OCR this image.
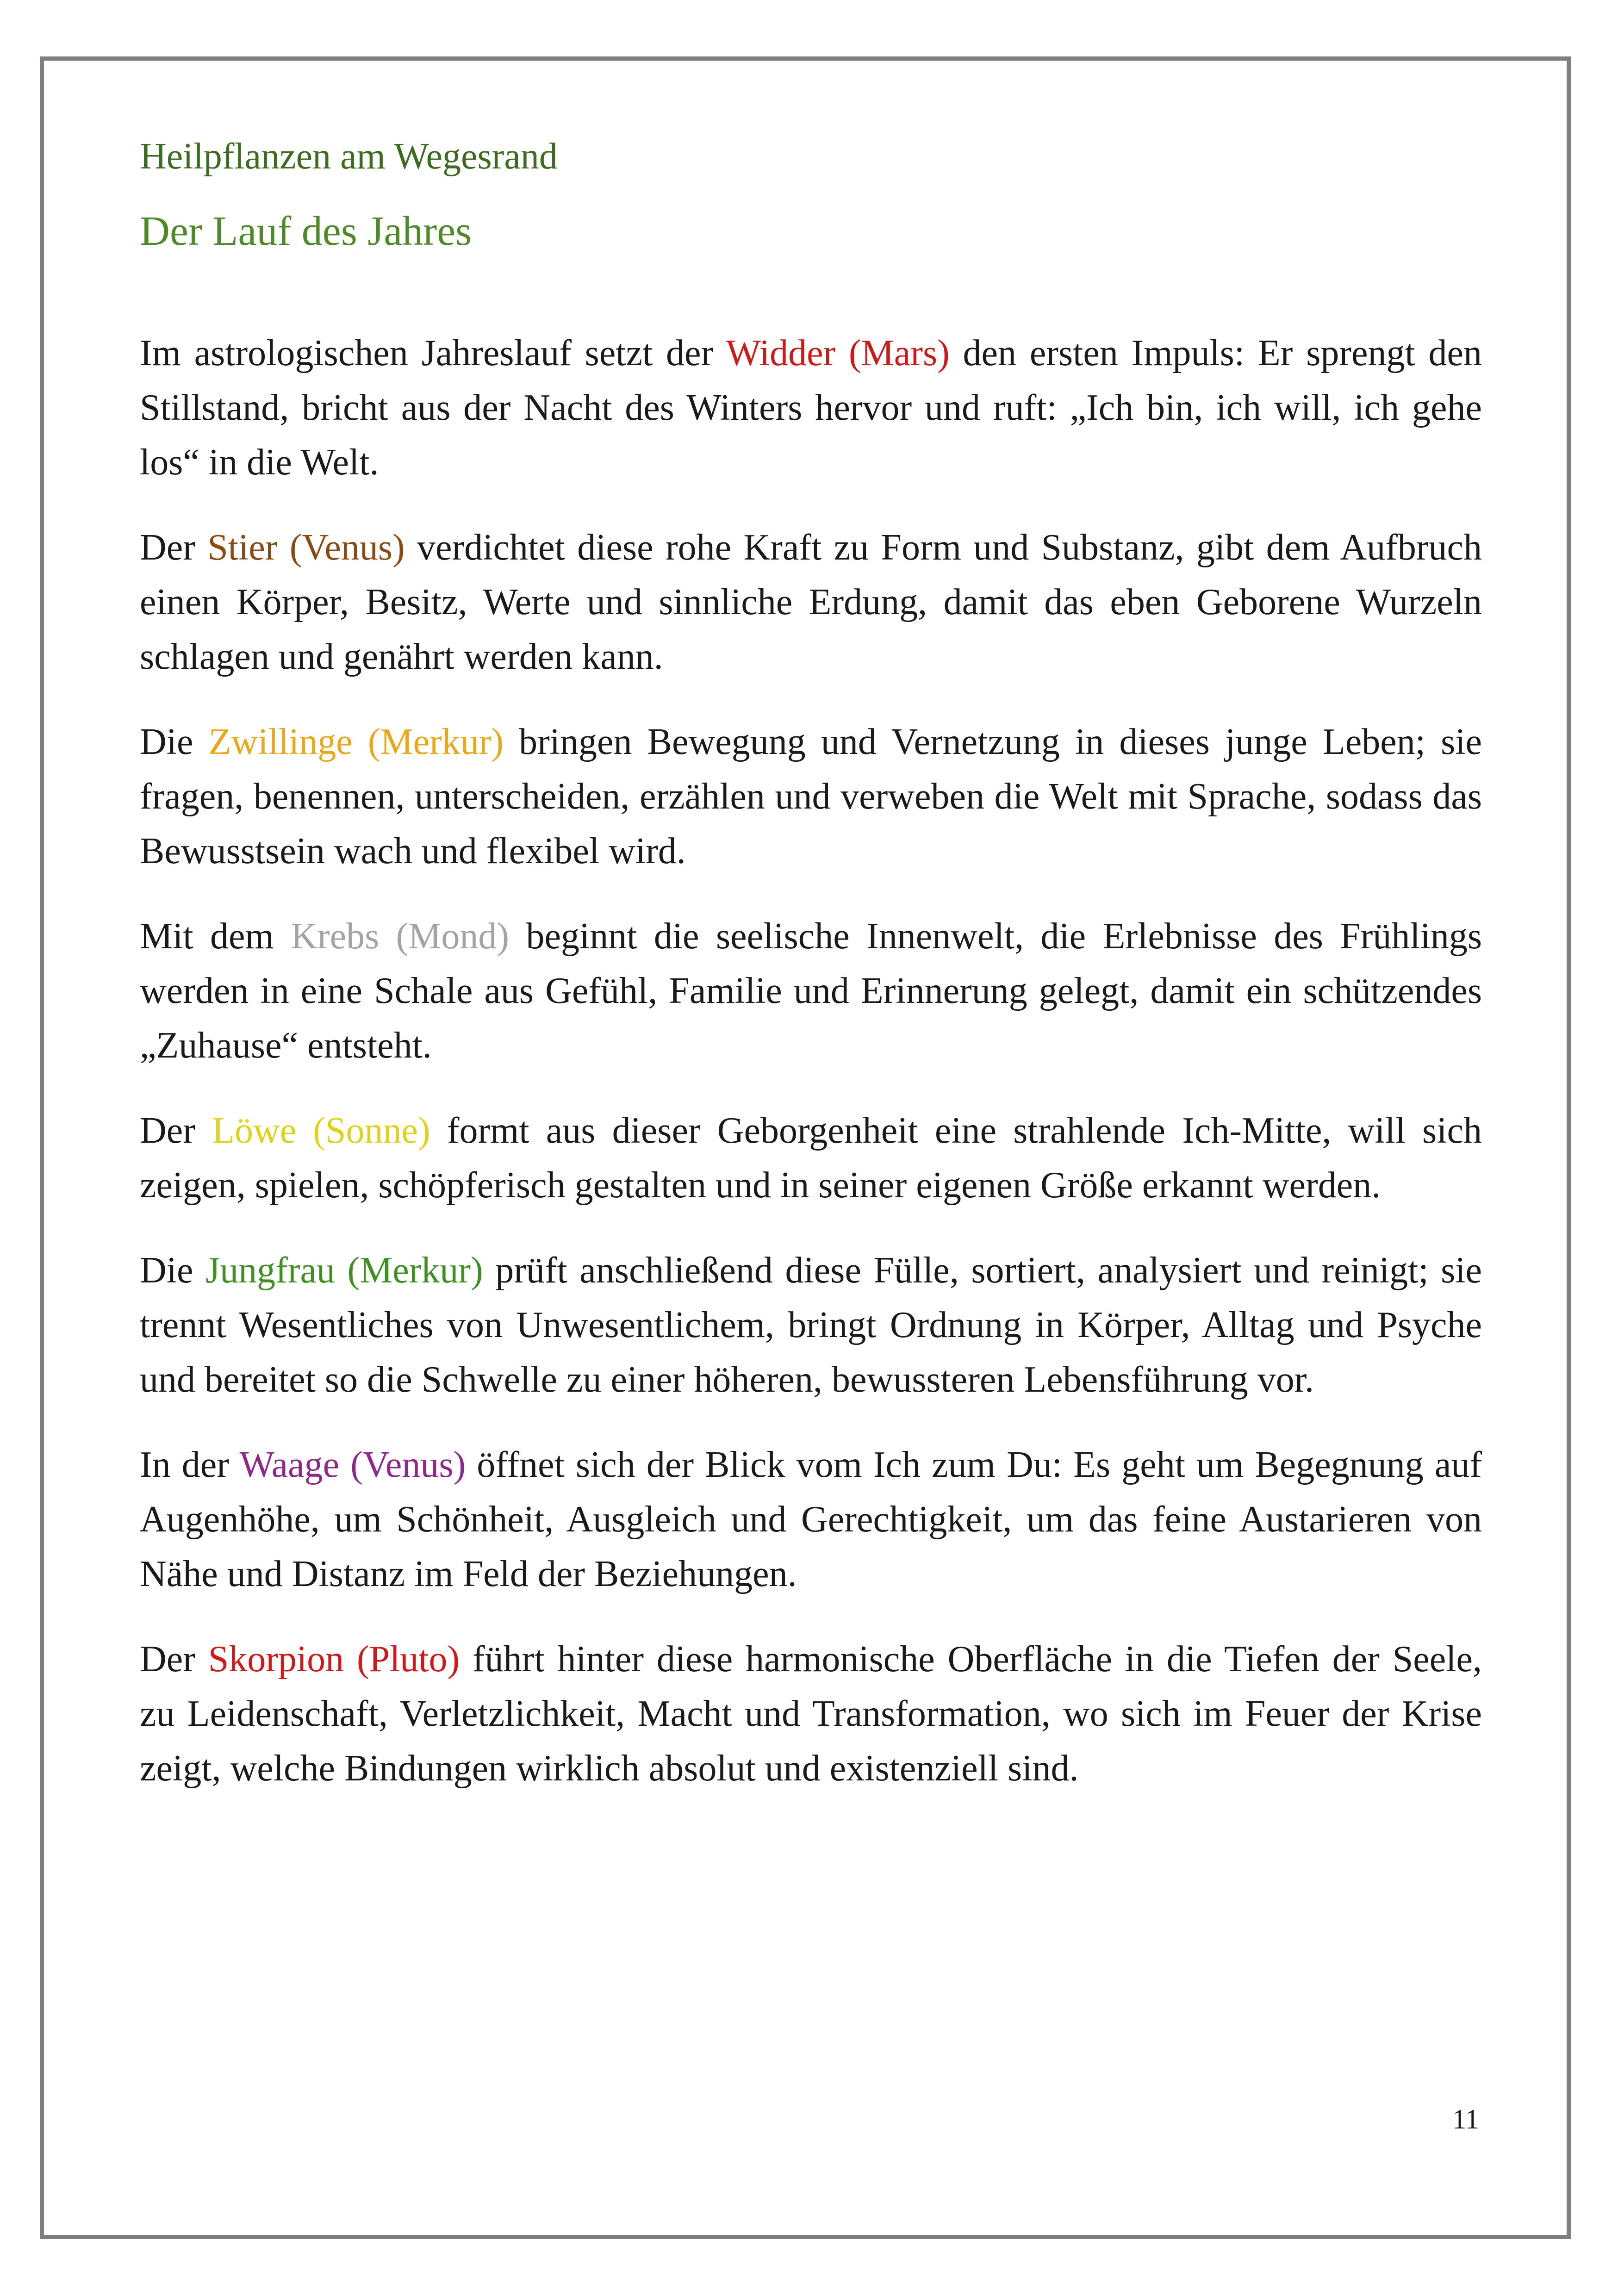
Heilpflanzen am Wegesrand

Der Lauf des Jahres

Im astrologischen Jahreslauf setzt der Widder (Mars) den ersten Impuls: Er sprengt den Stillstand, bricht aus der Nacht des Winters hervor und ruft: „Ich bin, ich will, ich gehe los“ in die Welt.

Der Stier (Venus) verdichtet diese rohe Kraft zu Form und Substanz, gibt dem Aufbruch einen Körper, Besitz, Werte und sinnliche Erdung, damit das eben Geborene Wurzeln schlagen und genährt werden kann.

Die Zwillinge (Merkur) bringen Bewegung und Vernetzung in dieses junge Leben; sie fragen, benennen, unterscheiden, erzählen und verweben die Welt mit Sprache, sodass das Bewusstsein wach und flexibel wird.

Mit dem Krebs (Mond) beginnt die seelische Innenwelt, die Erlebnisse des Frühlings werden in eine Schale aus Gefühl, Familie und Erinnerung gelegt, damit ein schützendes „Zuhause“ entsteht.

Der Löwe (Sonne) formt aus dieser Geborgenheit eine strahlende Ich-Mitte, will sich zeigen, spielen, schöpferisch gestalten und in seiner eigenen Größe erkannt werden.

Die Jungfrau (Merkur) prüft anschließend diese Fülle, sortiert, analysiert und reinigt; sie trennt Wesentliches von Unwesentlichem, bringt Ordnung in Körper, Alltag und Psyche und bereitet so die Schwelle zu einer höheren, bewussteren Lebensführung vor.

In der Waage (Venus) öffnet sich der Blick vom Ich zum Du: Es geht um Begegnung auf Augenhöhe, um Schönheit, Ausgleich und Gerechtigkeit, um das feine Austarieren von Nähe und Distanz im Feld der Beziehungen.

Der Skorpion (Pluto) führt hinter diese harmonische Oberfläche in die Tiefen der Seele, zu Leidenschaft, Verletzlichkeit, Macht und Transformation, wo sich im Feuer der Krise zeigt, welche Bindungen wirklich absolut und existenziell sind.

11
